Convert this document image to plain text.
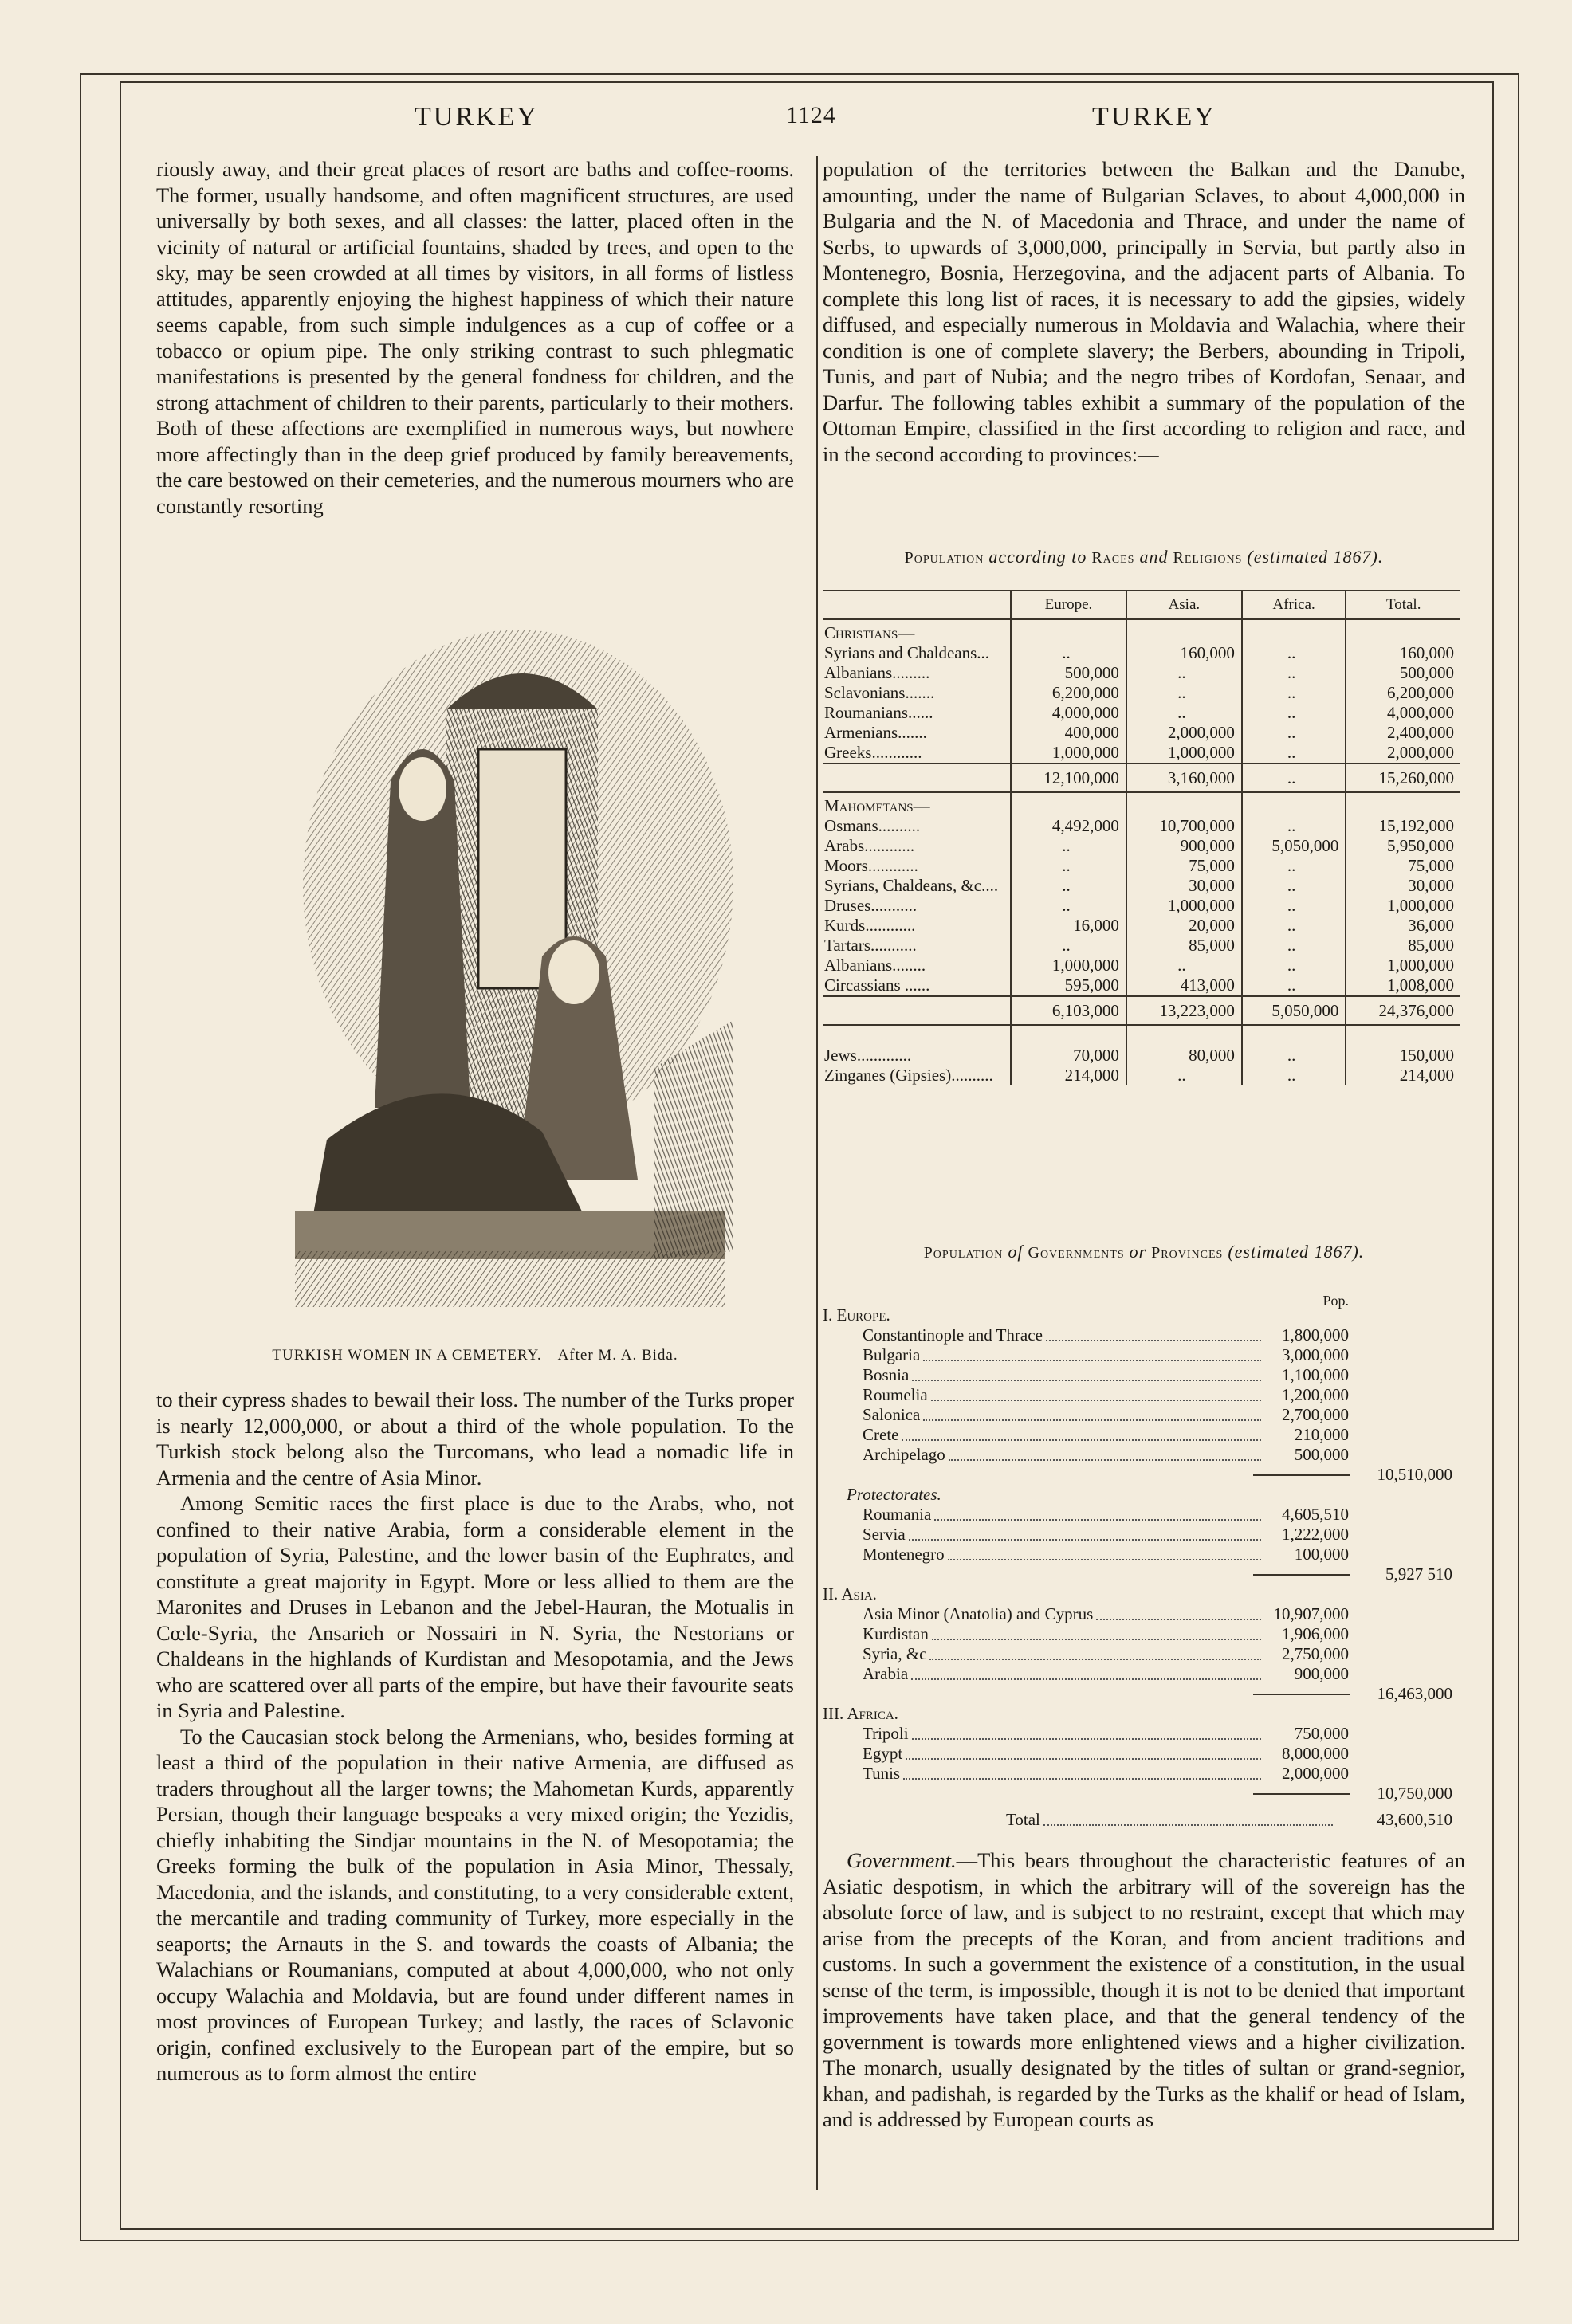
TURKEY	1124	TURKEY

riously away, and their great places of resort are baths and coffee-rooms. The former, usually handsome, and often magnificent structures, are used universally by both sexes, and all classes: the latter, placed often in the vicinity of natural or artificial fountains, shaded by trees, and open to the sky, may be seen crowded at all times by visitors, in all forms of listless attitudes, apparently enjoying the highest happiness of which their nature seems capable, from such simple indulgences as a cup of coffee or a tobacco or opium pipe. The only striking contrast to such phlegmatic manifestations is presented by the general fondness for children, and the strong attachment of children to their parents, particularly to their mothers. Both of these affections are exemplified in numerous ways, but nowhere more affectingly than in the deep grief produced by family bereavements, the care bestowed on their cemeteries, and the numerous mourners who are constantly resorting

TURKISH WOMEN IN A CEMETERY.—After M. A. Bida.

to their cypress shades to bewail their loss. The number of the Turks proper is nearly 12,000,000, or about a third of the whole population. To the Turkish stock belong also the Turcomans, who lead a nomadic life in Armenia and the centre of Asia Minor.

Among Semitic races the first place is due to the Arabs, who, not confined to their native Arabia, form a considerable element in the population of Syria, Palestine, and the lower basin of the Euphrates, and constitute a great majority in Egypt. More or less allied to them are the Maronites and Druses in Lebanon and the Jebel-Hauran, the Motualis in Cœle-Syria, the Ansarieh or Nossairi in N. Syria, the Nestorians or Chaldeans in the highlands of Kurdistan and Mesopotamia, and the Jews who are scattered over all parts of the empire, but have their favourite seats in Syria and Palestine.

To the Caucasian stock belong the Armenians, who, besides forming at least a third of the population in their native Armenia, are diffused as traders throughout all the larger towns; the Mahometan Kurds, apparently Persian, though their language bespeaks a very mixed origin; the Yezidis, chiefly inhabiting the Sindjar mountains in the N. of Mesopotamia; the Greeks forming the bulk of the population in Asia Minor, Thessaly, Macedonia, and the islands, and constituting, to a very considerable extent, the mercantile and trading community of Turkey, more especially in the seaports; the Arnauts in the S. and towards the coasts of Albania; the Walachians or Roumanians, computed at about 4,000,000, who not only occupy Walachia and Moldavia, but are found under different names in most provinces of European Turkey; and lastly, the races of Sclavonic origin, confined exclusively to the European part of the empire, but so numerous as to form almost the entire

population of the territories between the Balkan and the Danube, amounting, under the name of Bulgarian Sclaves, to about 4,000,000 in Bulgaria and the N. of Macedonia and Thrace, and under the name of Serbs, to upwards of 3,000,000, principally in Servia, but partly also in Montenegro, Bosnia, Herzegovina, and the adjacent parts of Albania. To complete this long list of races, it is necessary to add the gipsies, widely diffused, and especially numerous in Moldavia and Walachia, where their condition is one of complete slavery; the Berbers, abounding in Tripoli, Tunis, and part of Nubia; and the negro tribes of Kordofan, Senaar, and Darfur. The following tables exhibit a summary of the population of the Ottoman Empire, classified in the first according to religion and race, and in the second according to provinces:—

Population according to Races and Religions (estimated 1867).
	Europe.	Asia.	Africa.	Total.
Christians—				
Syrians and Chaldeans...	..	160,000	..	160,000
Albanians.........	500,000	..	..	500,000
Sclavonians.......	6,200,000	..	..	6,200,000
Roumanians......	4,000,000	..	..	4,000,000
Armenians.......	400,000	2,000,000	..	2,400,000
Greeks............	1,000,000	1,000,000	..	2,000,000
	12,100,000	3,160,000	..	15,260,000
Mahometans—				
Osmans..........	4,492,000	10,700,000	..	15,192,000
Arabs............	..	900,000	5,050,000	5,950,000
Moors............	..	75,000	..	75,000
Syrians, Chaldeans, &c....	..	30,000	..	30,000
Druses...........	..	1,000,000	..	1,000,000
Kurds............	16,000	20,000	..	36,000
Tartars...........	..	85,000	..	85,000
Albanians........	1,000,000	..	..	1,000,000
Circassians ......	595,000	413,000	..	1,008,000
	6,103,000	13,223,000	5,050,000	24,376,000

Jews.............	70,000	80,000	..	150,000
Zinganes (Gipsies)..........	214,000	..	..	214,000
Population of Governments or Provinces (estimated 1867).
Pop.
I. Europe.
Constantinople and Thrace	1,800,000
Bulgaria	3,000,000
Bosnia	1,100,000
Roumelia	1,200,000
Salonica	2,700,000
Crete	210,000
Archipelago	500,000
10,510,000
Protectorates.
Roumania	4,605,510
Servia	1,222,000
Montenegro	100,000
5,927 510
II. Asia.
Asia Minor (Anatolia) and Cyprus	10,907,000
Kurdistan	1,906,000
Syria, &c	2,750,000
Arabia	900,000
16,463,000
III. Africa.
Tripoli	750,000
Egypt	8,000,000
Tunis	2,000,000
10,750,000
Total	43,600,510

Government.—This bears throughout the characteristic features of an Asiatic despotism, in which the arbitrary will of the sovereign has the absolute force of law, and is subject to no restraint, except that which may arise from the precepts of the Koran, and from ancient traditions and customs. In such a government the existence of a constitution, in the usual sense of the term, is impossible, though it is not to be denied that important improvements have taken place, and that the general tendency of the government is towards more enlightened views and a higher civilization. The monarch, usually designated by the titles of sultan or grand-segnior, khan, and padishah, is regarded by the Turks as the khalif or head of Islam, and is addressed by European courts as
